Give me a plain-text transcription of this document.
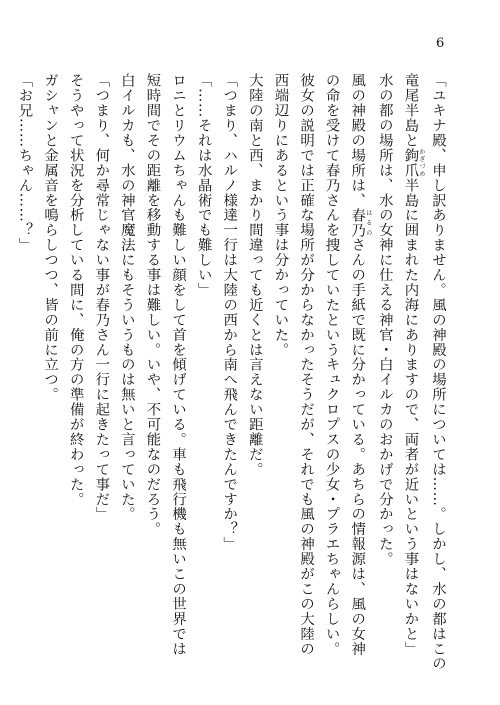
6
「ユキナ殿、申し訳ありません。風の神殿の場所については……。しかし、水の都はこの
竜尾半島と鉤爪 かぎづめ半島に囲まれた内海にありますので、両者が近いという事はないかと」
水の都の場所は、水の女神に仕える神官・白イルカのおかげで分かった。
風の神殿の場所は、春乃 はるのさんの手紙で既に分かっている。あちらの情報源は、風の女神
の命を受けて春乃さんを捜していたというキュクロプスの少女・プラエちゃんらしい。
彼女の説明では正確な場所が分からなかったそうだが、それでも風の神殿がこの大陸の
西端辺りにあるという事は分かっていた。
大陸の南と西、まかり間違っても近くとは言えない距離だ。
「つまり、ハルノ様達一行は大陸の西から南へ飛んできたんですか？」
「……それは水晶術でも難しい」
ロニとリウムちゃんも難しい顔をして首を傾げている。車も飛行機も無いこの世界では
短時間でその距離を移動する事は難しい。いや、不可能なのだろう。
白イルカも、水の神官魔法にもそういうものは無いと言っていた。
「つまり、何か尋常じゃない事が春乃さん一行に起きたって事だ」
そうやって状況を分析している間に、俺の方の準備が終わった。
ガシャンと金属音を鳴らしつつ、皆の前に立つ。
「お兄……ちゃん……？」
